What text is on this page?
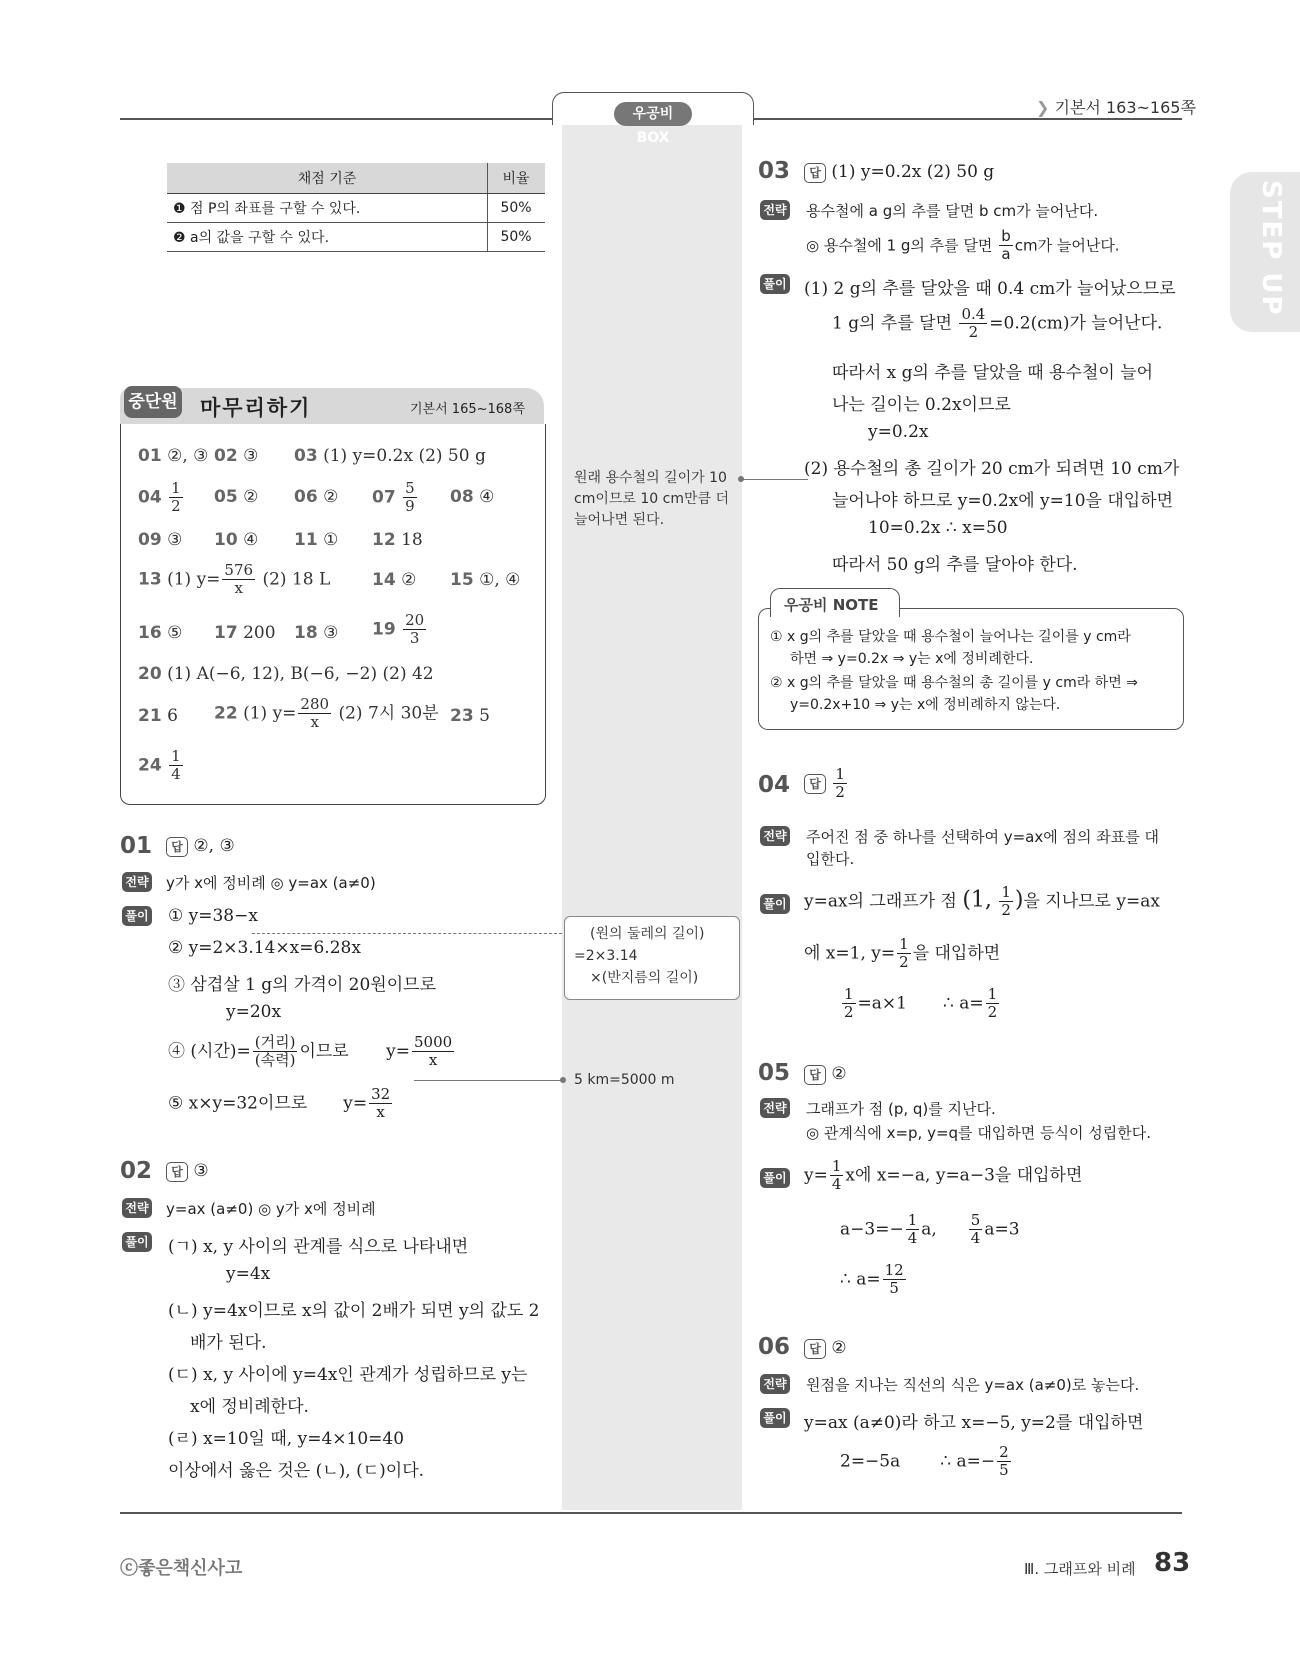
우공비 BOX
❯ 기본서 163~165쪽
STEP UP
채점 기준	비율
❶ 점 P의 좌표를 구할 수 있다.	50%
❷ a의 값을 구할 수 있다.	50%
중단원 마무리하기	기본서 165~168쪽
01 ②, ③ 02 ③ 03 (1) y=0.2x (2) 50 g
$04 \frac{1}{2} 05$ ② 06 ② $07 \frac{5}{9} 08$ ④
09 ③ 10 ④ 11 ① 12 18
13 (1) $y= \frac{576}{x} (2)$ 18 L 14 ② 15 ①, ④
16 ⑤ 17 200 18 ③ $19 \frac{20}{3}$
20 (1) A(−6, 12), B(−6, −2) (2) 42
21 6 22 (1) $y= \frac{280}{x} (2)$ 7시 30분 23 5
$24 \frac{1}{4}$
01	답 ②, ③
전략 y가 x에 정비례 ◎ y=ax (a≠0)
풀이 ① y=38−x
② y=2×3.14×x=6.28x
③ 삼겹살 1 g의 가격이 20원이므로
y=20x
④ (시간)= $\frac{\text{(거리)}}{\text{(속력)}}$ 이므로 $y= \frac{5000}{x}$
⑤ x×y=32이므로 $y= \frac{32}{x}$
02	답 ③
전략 y=ax (a≠0) ◎ y가 x에 정비례
풀이 (ㄱ) x, y 사이의 관계를 식으로 나타내면
y=4x
(ㄴ) y=4x이므로 x의 값이 2배가 되면 y의 값도 2
배가 된다.
(ㄷ) x, y 사이에 y=4x인 관계가 성립하므로 y는
x에 정비례한다.
(ㄹ) x=10일 때, y=4×10=40
이상에서 옳은 것은 (ㄴ), (ㄷ)이다.
원래 용수철의 길이가 10 cm이므로 10 cm만큼 더 늘어나면 된다.
(원의 둘레의 길이)
=2×3.14
×(반지름의 길이)
5 km=5000 m
03	답 (1) y=0.2x (2) 50 g
전략 용수철에 a g의 추를 달면 b cm가 늘어난다.
◎ 용수철에 1 g의 추를 달면 $\frac{b}{a}$ cm가 늘어난다.
풀이 (1) 2 g의 추를 달았을 때 0.4 cm가 늘어났으므로
1 g의 추를 달면 $\frac{0.4}{2} =0.2(cm)$가 늘어난다.
따라서 x g의 추를 달았을 때 용수철이 늘어
나는 길이는 0.2x이므로
y=0.2x
(2) 용수철의 총 길이가 20 cm가 되려면 10 cm가
늘어나야 하므로 y=0.2x에 y=10을 대입하면
10=0.2x ∴ x=50
따라서 50 g의 추를 달아야 한다.
우공비 NOTE
① x g의 추를 달았을 때 용수철이 늘어나는 길이를 y cm라
하면 ⇒ y=0.2x ⇒ y는 x에 정비례한다.
② x g의 추를 달았을 때 용수철의 총 길이를 y cm라 하면 ⇒
y=0.2x+10 ⇒ y는 x에 정비례하지 않는다.
04	답 $\frac{1}{2}$
전략 주어진 점 중 하나를 선택하여 y=ax에 점의 좌표를 대
입한다.
풀이 y=ax의 그래프가 점 (1, $\frac{1}{2}$ )을 지나므로 y=ax
에 x=1, $y= \frac{1}{2}$ 을 대입하면
$\frac{1}{2} =a\times 1$ ∴ $a= \frac{1}{2}$
05	답 ②
전략 그래프가 점 (p, q)를 지난다.
◎ 관계식에 x=p, y=q를 대입하면 등식이 성립한다.
풀이 $y= \frac{1}{4}$ x에 x=−a, y=a−3을 대입하면
$a-3=- \frac{1}{4} a$, $\frac{5}{4} a=3$
∴ $a= \frac{12}{5}$
06	답 ②
전략 원점을 지나는 직선의 식은 y=ax (a≠0)로 놓는다.
풀이 y=ax (a≠0)라 하고 x=−5, y=2를 대입하면
2=−5a ∴ $a=- \frac{2}{5}$
ⓒ좋은책신사고	Ⅲ. 그래프와 비례 83
